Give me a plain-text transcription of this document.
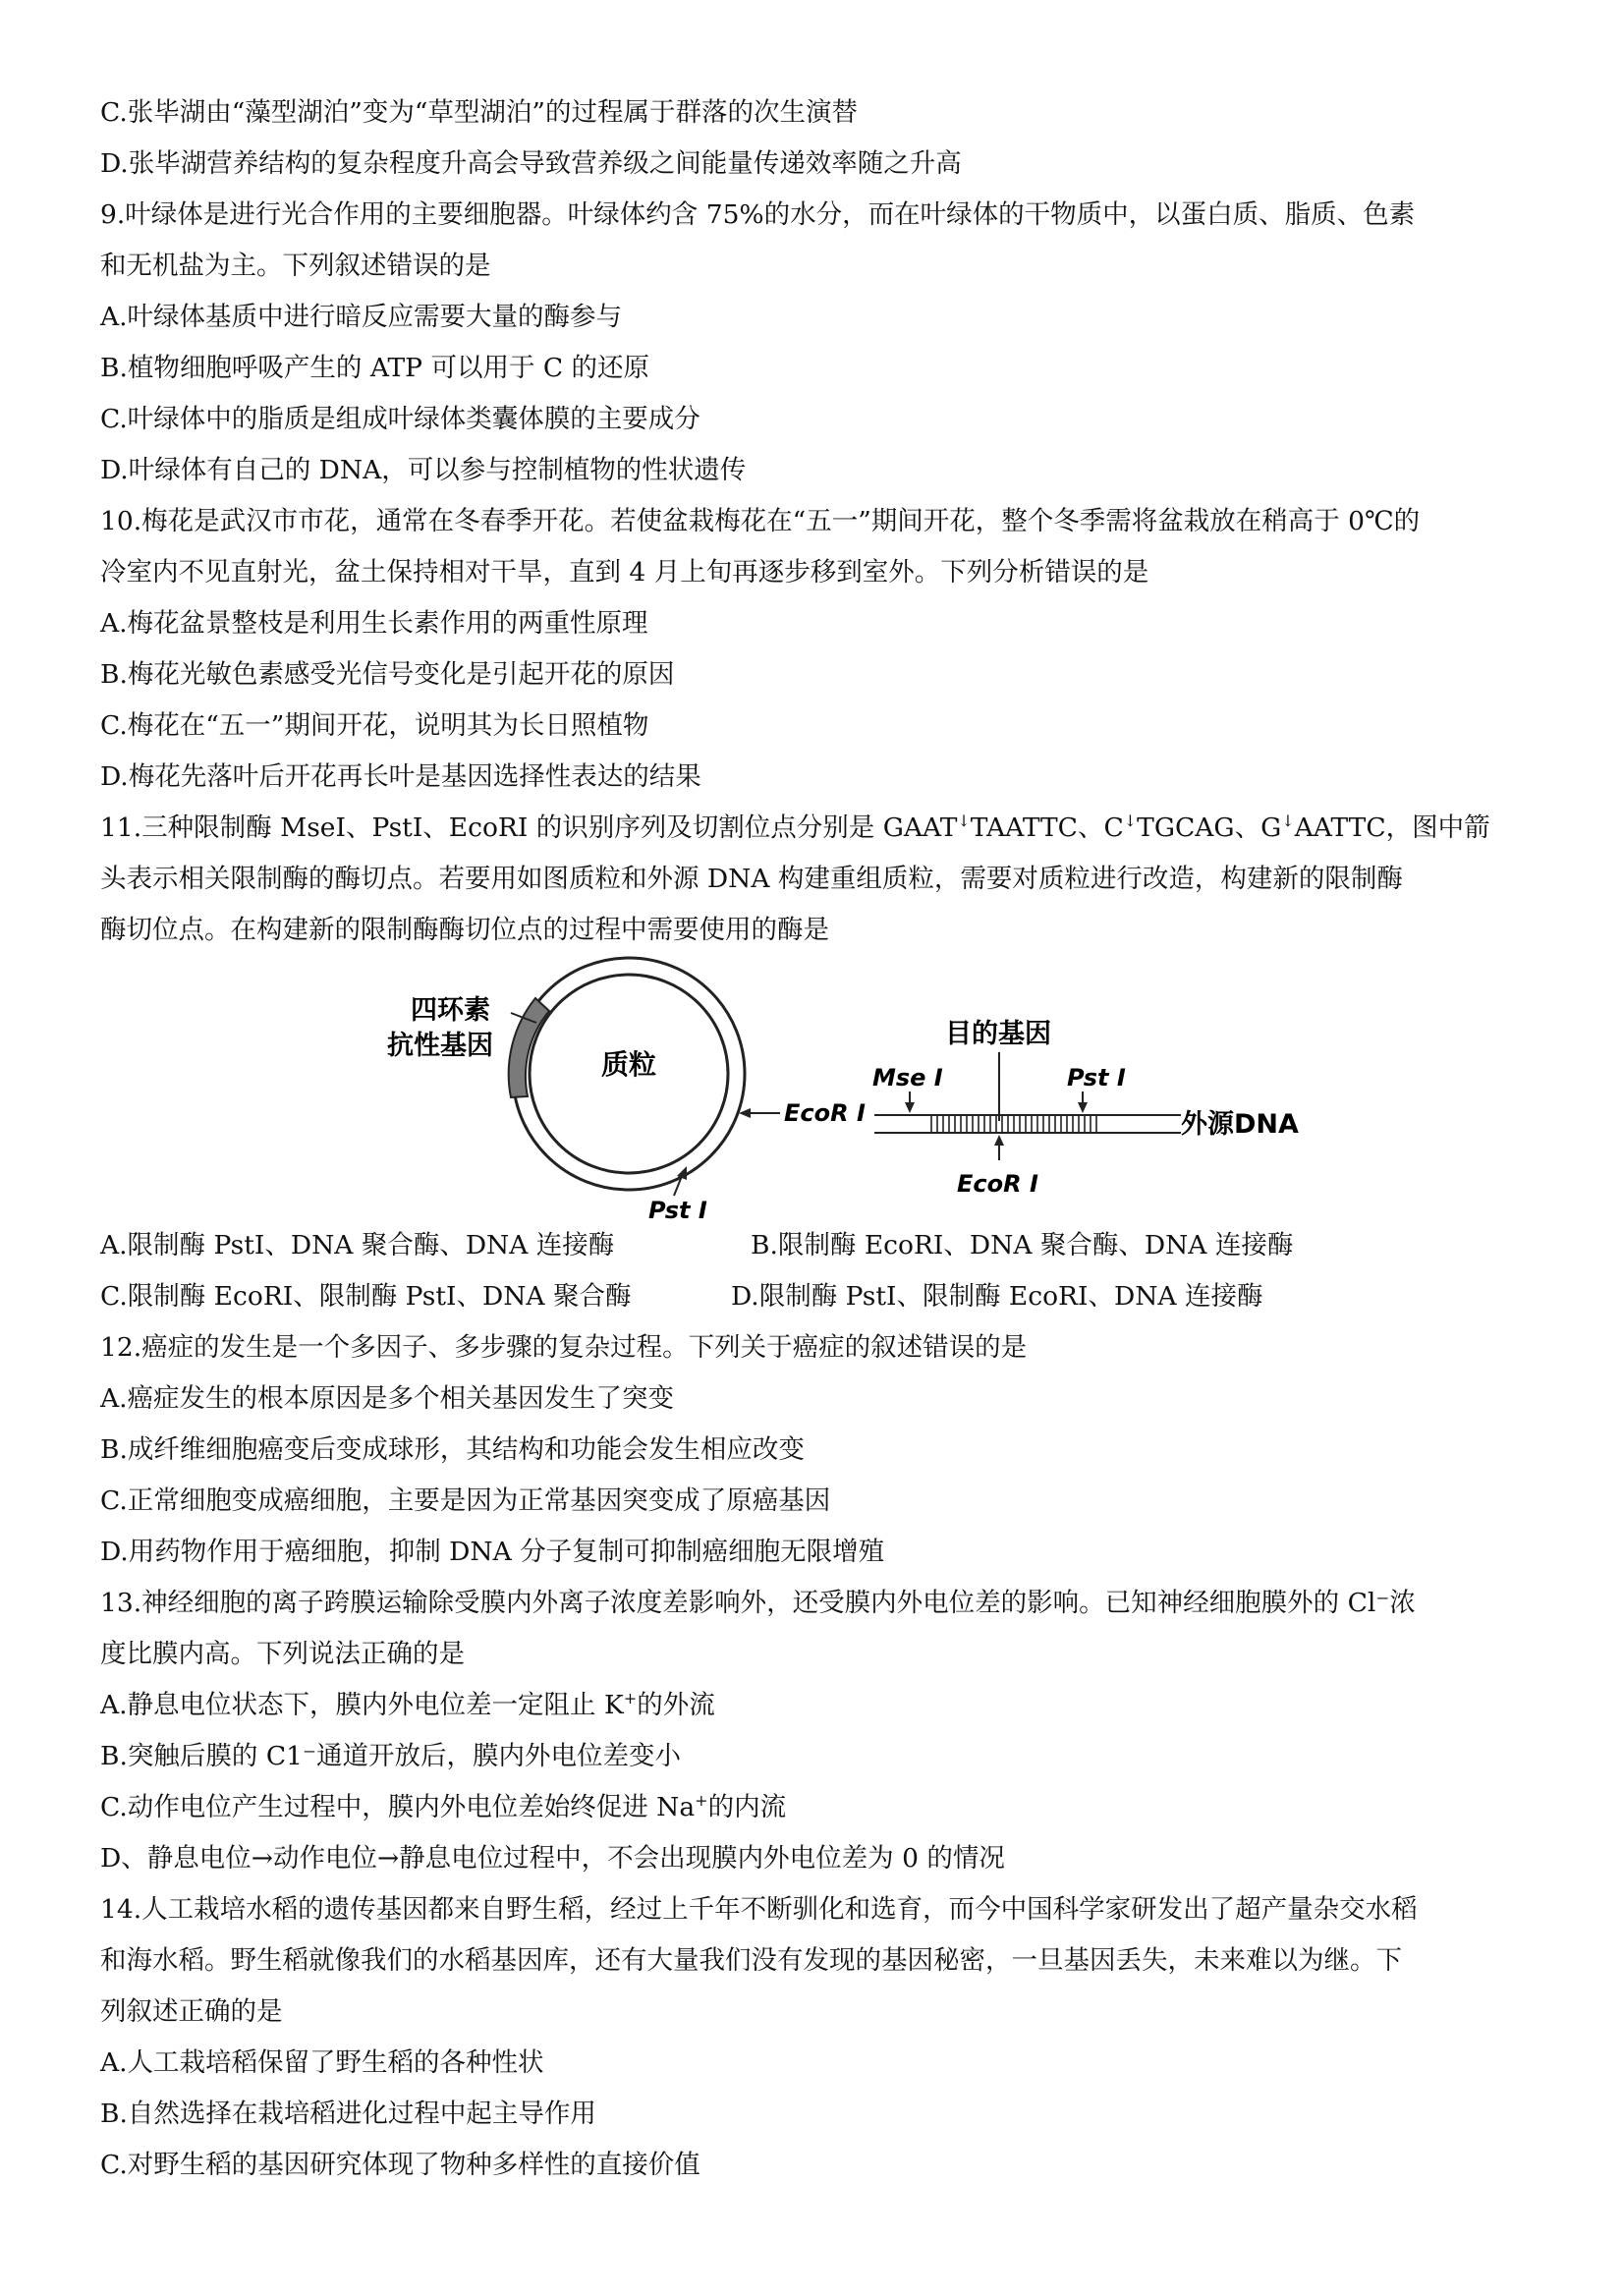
C.张毕湖由“藻型湖泊”变为“草型湖泊”的过程属于群落的次生演替
D.张毕湖营养结构的复杂程度升高会导致营养级之间能量传递效率随之升高
9.叶绿体是进行光合作用的主要细胞器。叶绿体约含 75%的水分，而在叶绿体的干物质中，以蛋白质、脂质、色素
和无机盐为主。下列叙述错误的是
A.叶绿体基质中进行暗反应需要大量的酶参与
B.植物细胞呼吸产生的 ATP 可以用于 C 的还原
C.叶绿体中的脂质是组成叶绿体类囊体膜的主要成分
D.叶绿体有自己的 DNA，可以参与控制植物的性状遗传
10.梅花是武汉市市花，通常在冬春季开花。若使盆栽梅花在“五一”期间开花，整个冬季需将盆栽放在稍高于 0℃的
冷室内不见直射光，盆土保持相对干旱，直到 4 月上旬再逐步移到室外。下列分析错误的是
A.梅花盆景整枝是利用生长素作用的两重性原理
B.梅花光敏色素感受光信号变化是引起开花的原因
C.梅花在“五一”期间开花，说明其为长日照植物
D.梅花先落叶后开花再长叶是基因选择性表达的结果
11.三种限制酶 MseI、PstI、EcoRI 的识别序列及切割位点分别是 GAAT↓TAATTC、C↓TGCAG、G↓AATTC，图中箭
头表示相关限制酶的酶切点。若要用如图质粒和外源 DNA 构建重组质粒，需要对质粒进行改造，构建新的限制酶
酶切位点。在构建新的限制酶酶切位点的过程中需要使用的酶是
四环素
抗性基因
质粒
EcoR Ⅰ
Pst Ⅰ
目的基因
外源DNA
Mse Ⅰ	Pst Ⅰ
EcoR Ⅰ
A.限制酶 PstI、DNA 聚合酶、DNA 连接酶	B.限制酶 EcoRI、DNA 聚合酶、DNA 连接酶
C.限制酶 EcoRI、限制酶 PstI、DNA 聚合酶	D.限制酶 PstI、限制酶 EcoRI、DNA 连接酶
12.癌症的发生是一个多因子、多步骤的复杂过程。下列关于癌症的叙述错误的是
A.癌症发生的根本原因是多个相关基因发生了突变
B.成纤维细胞癌变后变成球形，其结构和功能会发生相应改变
C.正常细胞变成癌细胞，主要是因为正常基因突变成了原癌基因
D.用药物作用于癌细胞，抑制 DNA 分子复制可抑制癌细胞无限增殖
13.神经细胞的离子跨膜运输除受膜内外离子浓度差影响外，还受膜内外电位差的影响。已知神经细胞膜外的 Cl⁻浓
度比膜内高。下列说法正确的是
A.静息电位状态下，膜内外电位差一定阻止 K+的外流
B.突触后膜的 C1⁻通道开放后，膜内外电位差变小
C.动作电位产生过程中，膜内外电位差始终促进 Na+的内流
D、静息电位→动作电位→静息电位过程中，不会出现膜内外电位差为 0 的情况
14.人工栽培水稻的遗传基因都来自野生稻，经过上千年不断驯化和选育，而今中国科学家研发出了超产量杂交水稻
和海水稻。野生稻就像我们的水稻基因库，还有大量我们没有发现的基因秘密，一旦基因丢失，未来难以为继。下
列叙述正确的是
A.人工栽培稻保留了野生稻的各种性状
B.自然选择在栽培稻进化过程中起主导作用
C.对野生稻的基因研究体现了物种多样性的直接价值
